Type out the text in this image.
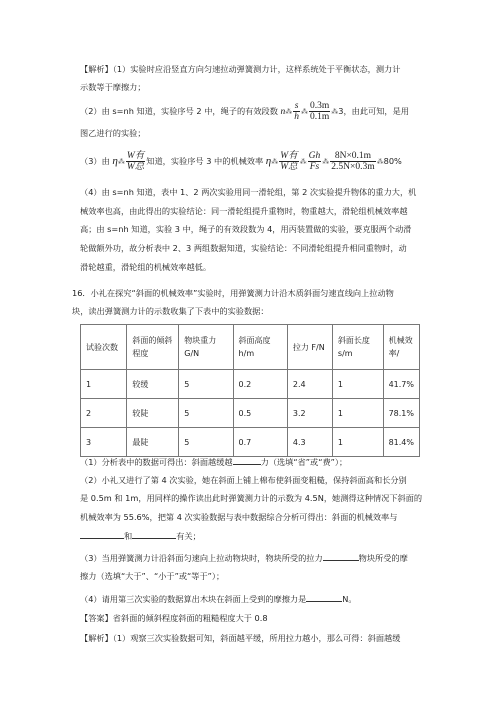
【解析】（1）实验时应沿竖直方向匀速拉动弹簧测力计，这样系统处于平衡状态，测力计
示数等于摩擦力；
（2）由 s=nh 知道，实验序号 2 中，绳子的有效段数 n⁂ $\frac{s}{h}$ ⁂ $\frac{0.3m}{0.1m}$ ⁂3，由此可知，是用
图乙进行的实验；
（3）由 η⁂ $\frac{\text{W有}}{\text{W总}}$ 知道，实验序号 3 中的机械效率 η⁂ $\frac{\text{W有}}{\text{W总}}$ ⁂ $\frac{Gh}{Fs}$ ⁂ $\frac{8N\times 0.1m}{2.5N\times 0.3m}$ ⁂80%
（4）由 s=nh 知道，表中 1、2 两次实验用同一滑轮组，第 2 次实验提升物体的重力大，机
械效率也高，由此得出的实验结论：同一滑轮组提升重物时，物重越大，滑轮组机械效率越
高；由 s=nh 知道，实验 3 中，绳子的有效段数为 4，用丙装置做的实验，要克服两个动滑
轮做额外功，故分析表中 2、3 两组数据知道，实验结论：不同滑轮组提升相同重物时，动
滑轮越重，滑轮组的机械效率越低。
16．小礼在探究“斜面的机械效率”实验时，用弹簧测力计沿木质斜面匀速直线向上拉动物
块，读出弹簧测力计的示数收集了下表中的实验数据：
试验次数	斜面的倾斜程度	物块重力 G/N	斜面高度 h/m	拉力 F/N	斜面长度 s/m	机械效率/
1	较缓	5	0.2	2.4	1	41.7%
2	较陡	5	0.5	3.2	1	78.1%
3	最陡	5	0.7	4.3	1	81.4%
（1）分析表中的数据可得出：斜面越缓越	力（选填“省”或“费”）；
（2）小礼又进行了第 4 次实验，她在斜面上铺上棉布使斜面变粗糙，保持斜面高和长分别
是 0.5m 和 1m，用同样的操作读出此时弹簧测力计的示数为 4.5N，她测得这种情况下斜面的
机械效率为 55.6%，把第 4 次实验数据与表中数据综合分析可得出：斜面的机械效率与
和	有关；
（3）当用弹簧测力计沿斜面匀速向上拉动物块时，物块所受的拉力	物块所受的摩
擦力（选填“大于”、“小于”或“等于”）；
（4）请用第三次实验的数据算出木块在斜面上受到的摩擦力是	N。
【答案】省斜面的倾斜程度斜面的粗糙程度大于 0.8
【解析】（1）观察三次实验数据可知，斜面越平缓，所用拉力越小，那么可得：斜面越缓
